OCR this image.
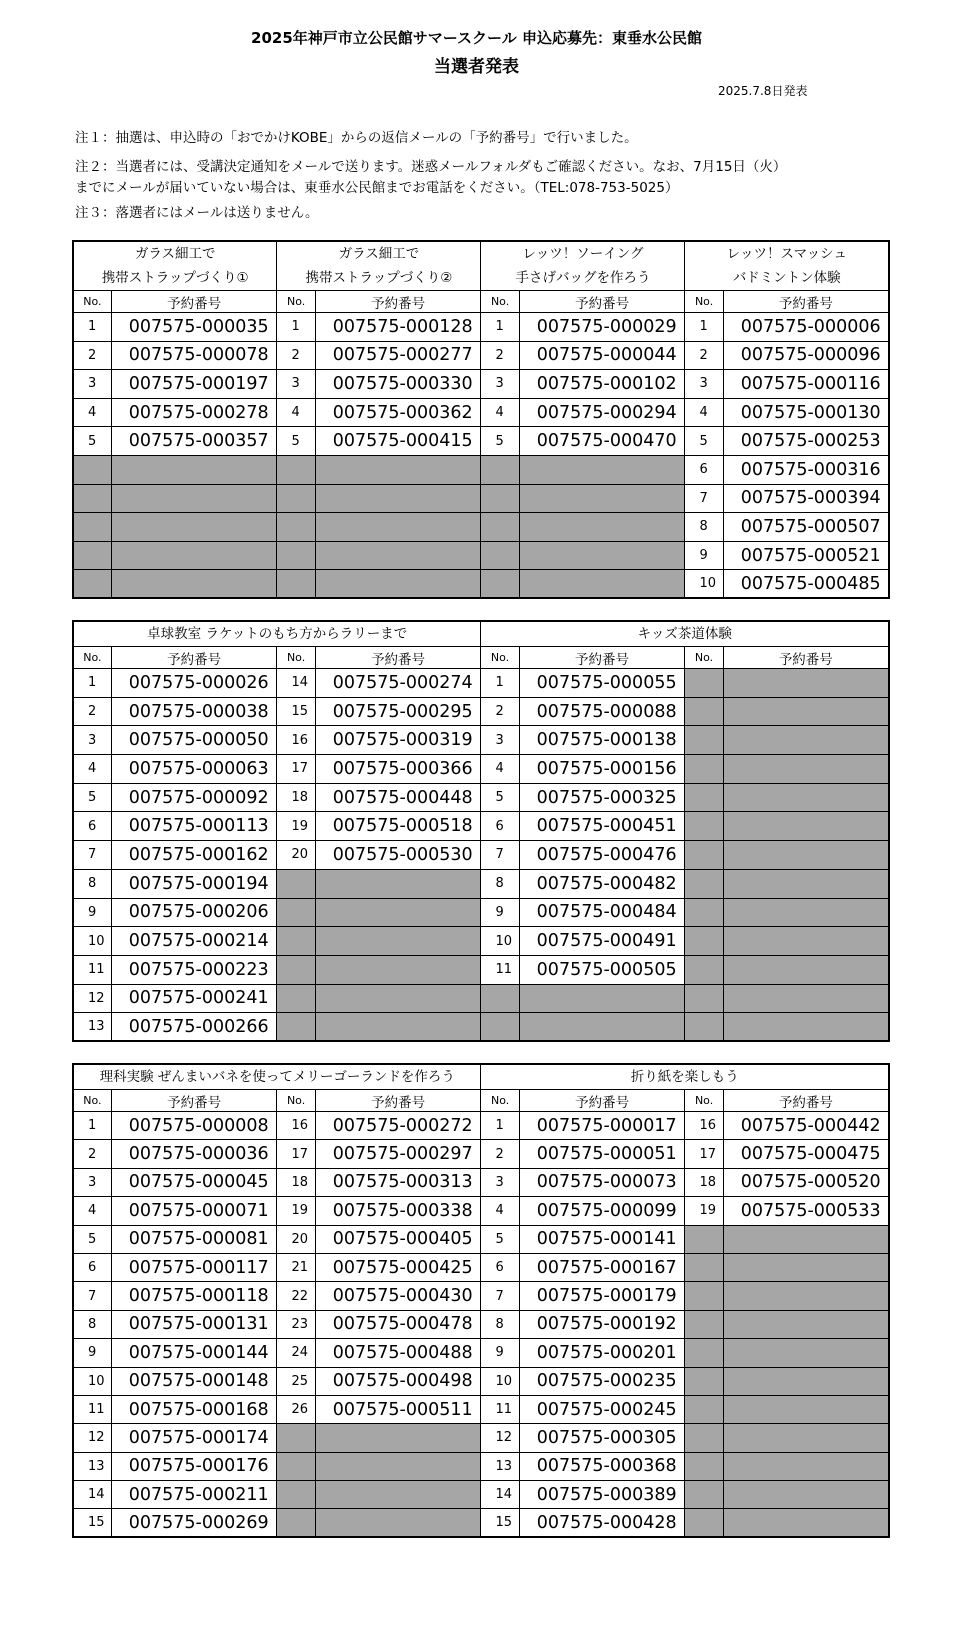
2025年神戸市立公民館サマースクール 申込応募先：東垂水公民館
当選者発表
2025.7.8日発表
注１：抽選は、申込時の「おでかけKOBE」からの返信メールの「予約番号」で行いました。
注２：当選者には、受講決定通知をメールで送ります。迷惑メールフォルダもご確認ください。なお、7月15日（火）
までにメールが届いていない場合は、東垂水公民館までお電話をください。（TEL:078-753-5025）
注３：落選者にはメールは送りません。
ガラス細工で		ガラス細工で		レッツ！ソーイング		レッツ！スマッシュ	
携帯ストラップづくり①		携帯ストラップづくり②		手さげバッグを作ろう		バドミントン体験	
No.	予約番号	No.	予約番号	No.	予約番号	No.	予約番号
1	007575-000035	1	007575-000128	1	007575-000029	1	007575-000006
2	007575-000078	2	007575-000277	2	007575-000044	2	007575-000096
3	007575-000197	3	007575-000330	3	007575-000102	3	007575-000116
4	007575-000278	4	007575-000362	4	007575-000294	4	007575-000130
5	007575-000357	5	007575-000415	5	007575-000470	5	007575-000253
						6	007575-000316
						7	007575-000394
						8	007575-000507
						9	007575-000521
						10	007575-000485
卓球教室 ラケットのもち方からラリーまで				キッズ茶道体験			
No.	予約番号	No.	予約番号	No.	予約番号	No.	予約番号
1	007575-000026	14	007575-000274	1	007575-000055		
2	007575-000038	15	007575-000295	2	007575-000088		
3	007575-000050	16	007575-000319	3	007575-000138		
4	007575-000063	17	007575-000366	4	007575-000156		
5	007575-000092	18	007575-000448	5	007575-000325		
6	007575-000113	19	007575-000518	6	007575-000451		
7	007575-000162	20	007575-000530	7	007575-000476		
8	007575-000194			8	007575-000482		
9	007575-000206			9	007575-000484		
10	007575-000214			10	007575-000491		
11	007575-000223			11	007575-000505		
12	007575-000241						
13	007575-000266						
理科実験 ぜんまいバネを使ってメリーゴーランドを作ろう				折り紙を楽しもう			
No.	予約番号	No.	予約番号	No.	予約番号	No.	予約番号
1	007575-000008	16	007575-000272	1	007575-000017	16	007575-000442
2	007575-000036	17	007575-000297	2	007575-000051	17	007575-000475
3	007575-000045	18	007575-000313	3	007575-000073	18	007575-000520
4	007575-000071	19	007575-000338	4	007575-000099	19	007575-000533
5	007575-000081	20	007575-000405	5	007575-000141		
6	007575-000117	21	007575-000425	6	007575-000167		
7	007575-000118	22	007575-000430	7	007575-000179		
8	007575-000131	23	007575-000478	8	007575-000192		
9	007575-000144	24	007575-000488	9	007575-000201		
10	007575-000148	25	007575-000498	10	007575-000235		
11	007575-000168	26	007575-000511	11	007575-000245		
12	007575-000174			12	007575-000305		
13	007575-000176			13	007575-000368		
14	007575-000211			14	007575-000389		
15	007575-000269			15	007575-000428		
